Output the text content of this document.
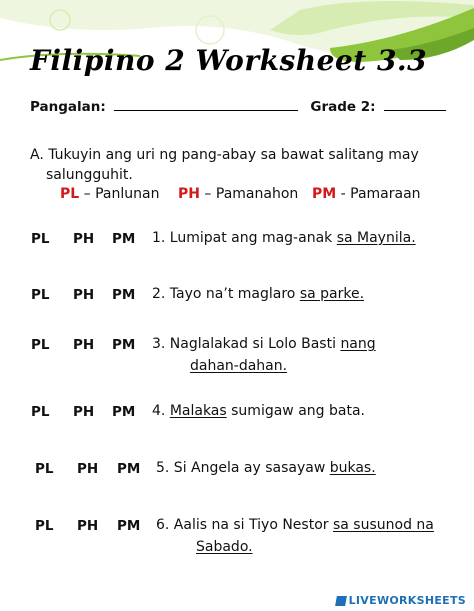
Filipino 2 Worksheet 3.3
Pangalan:	Grade 2:
A. Tukuyin ang uri ng pang-abay sa bawat salitang may
salungguhit.
PL – Panlunan PH – Pamanahon PM - Pamaraan
PL PH PM 1. Lumipat ang mag-anak sa Maynila.
PL PH PM 2. Tayo na’t maglaro sa parke.
PL PH PM 3. Naglalakad si Lolo Basti nang
dahan-dahan.
PL PH PM 4. Malakas sumigaw ang bata.
PL PH PM 5. Si Angela ay sasayaw bukas.
PL PH PM 6. Aalis na si Tiyo Nestor sa susunod na
Sabado.
LIVEWORKSHEETS
